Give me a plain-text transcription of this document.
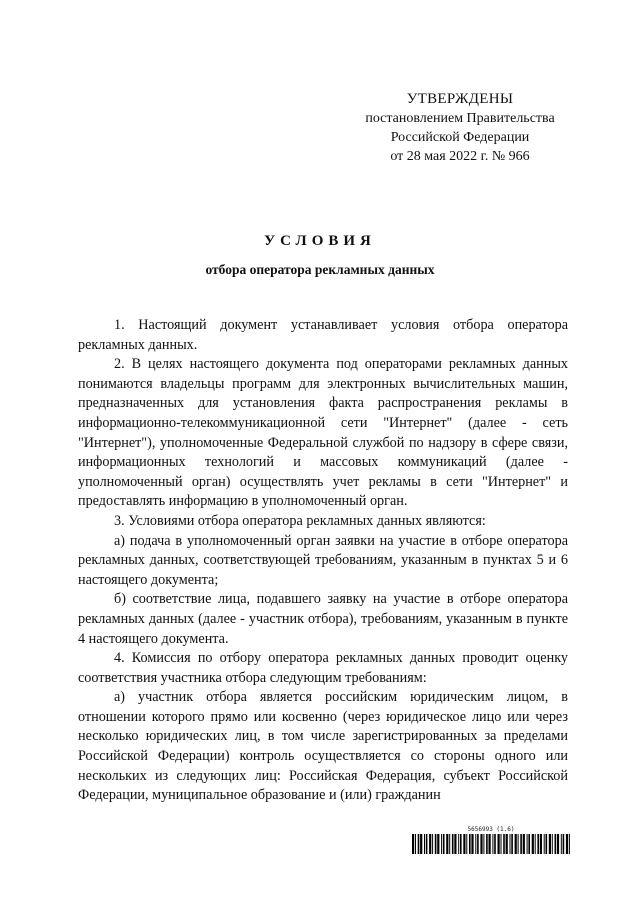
УТВЕРЖДЕНЫ
постановлением Правительства
Российской Федерации
от 28 мая 2022 г. № 966
УСЛОВИЯ
отбора оператора рекламных данных

1. Настоящий документ устанавливает условия отбора оператора рекламных данных.

2. В целях настоящего документа под операторами рекламных данных понимаются владельцы программ для электронных вычислительных машин, предназначенных для установления факта распространения рекламы в информационно-телекоммуникационной сети "Интернет" (далее - сеть "Интернет"), уполномоченные Федеральной службой по надзору в сфере связи, информационных технологий и массовых коммуникаций (далее - уполномоченный орган) осуществлять учет рекламы в сети "Интернет" и предоставлять информацию в уполномоченный орган.

3. Условиями отбора оператора рекламных данных являются:

а) подача в уполномоченный орган заявки на участие в отборе оператора рекламных данных, соответствующей требованиям, указанным в пунктах 5 и 6 настоящего документа;

б) соответствие лица, подавшего заявку на участие в отборе оператора рекламных данных (далее - участник отбора), требованиям, указанным в пункте 4 настоящего документа.

4. Комиссия по отбору оператора рекламных данных проводит оценку соответствия участника отбора следующим требованиям:

а) участник отбора является российским юридическим лицом, в отношении которого прямо или косвенно (через юридическое лицо или через несколько юридических лиц, в том числе зарегистрированных за пределами Российской Федерации) контроль осуществляется со стороны одного или нескольких из следующих лиц: Российская Федерация, субъект Российской Федерации, муниципальное образование и (или) гражданин

5656993 (1.6)
